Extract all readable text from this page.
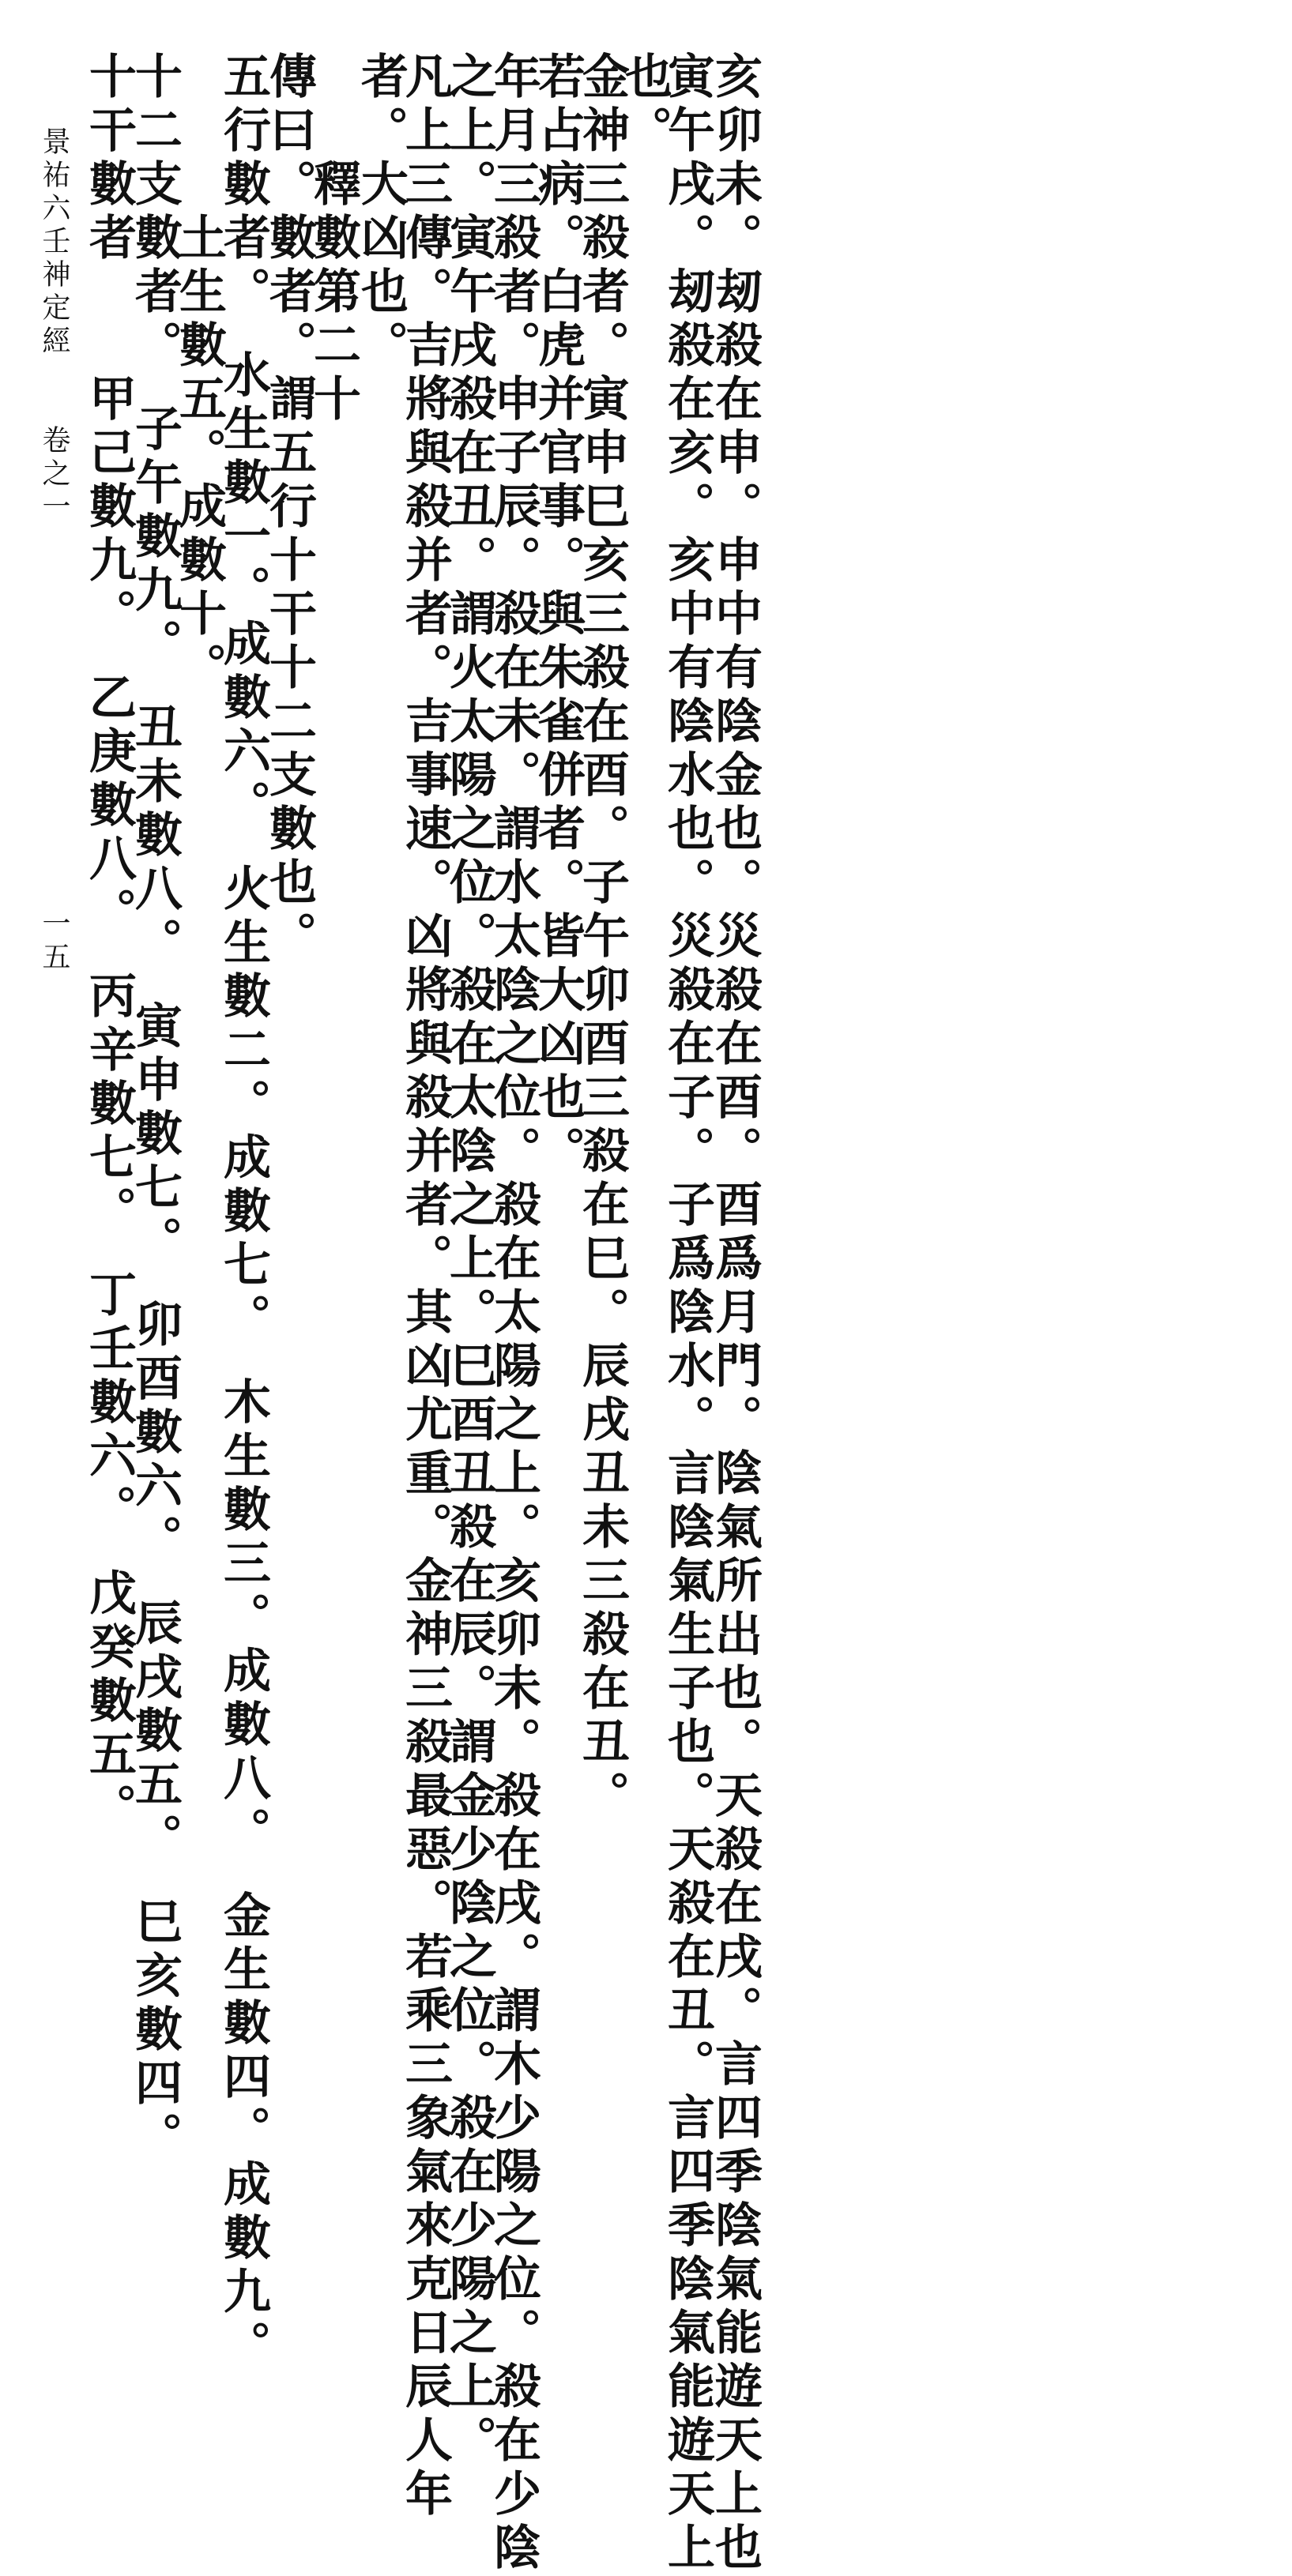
亥卯未。刼殺在申。申中有陰金也。災殺在酉。酉爲月門。陰氣所出也。天殺在戌。言四季陰氣能遊天上也
寅午戌。刼殺在亥。亥中有陰水也。災殺在子。子爲陰水。言陰氣生子也。天殺在丑。言四季陰氣能遊天上
也。
金神三殺者。寅申巳亥三殺在酉。子午卯酉三殺在巳。辰戌丑未三殺在丑。
若占病。白虎并官事。與朱雀併者。皆大凶也。
年月三殺者。申子辰。殺在未。謂水太陰之位。殺在太陽之上。亥卯未。殺在戌。謂木少陽之位。殺在少陰
之上。寅午戌殺在丑。謂火太陽之位。殺在太陰之上。巳酉丑殺在辰。謂金少陰之位。殺在少陽之上。
凡上三傳。吉將與殺并者。吉事速。凶將與殺并者。其凶尤重。金神三殺最惡。若乘三象氣來克日辰人年
者。大凶也。
　　釋數第二十
傳曰。數者。謂五行十干十二支數也。
五行數者。　水生數一。成數六。　火生數二。成數七。　木生數三。成數八。　金生數四。成數九。
　　　土生數五。成數十。
十二支數者。　子午數九。　丑未數八。　寅申數七。　卯酉數六。　辰戌數五。　巳亥數四。
十干數者　　甲己數九。　乙庚數八。　丙辛數七。　丁壬數六。　戊癸數五。
景祐六壬神定經　　卷之一
一五
